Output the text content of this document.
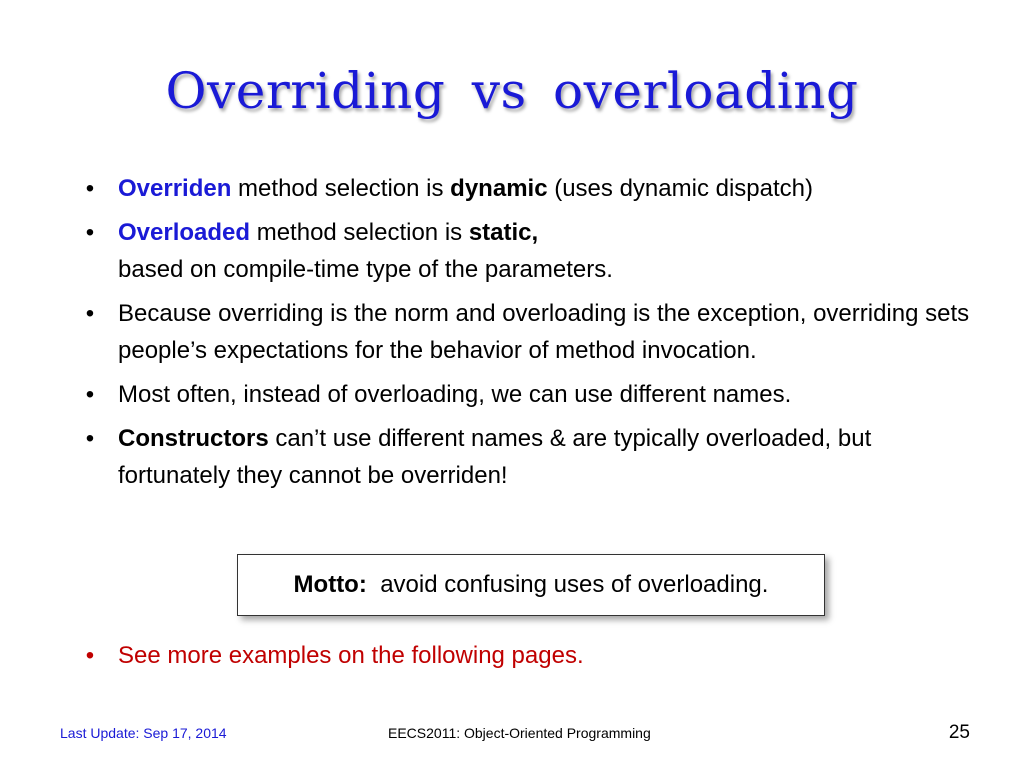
Overriding vs overloading
• Overriden method selection is dynamic (uses dynamic dispatch)
• Overloaded method selection is static,
based on compile-time type of the parameters.
• Because overriding is the norm and overloading is the exception, overriding sets people’s expectations for the behavior of method invocation.
• Most often, instead of overloading, we can use different names.
• Constructors can’t use different names & are typically overloaded, but fortunately they cannot be overriden!
Motto:
avoid confusing uses of overloading.
• See more examples on the following pages.
Last Update: Sep 17, 2014	EECS2011: Object-Oriented Programming	25
